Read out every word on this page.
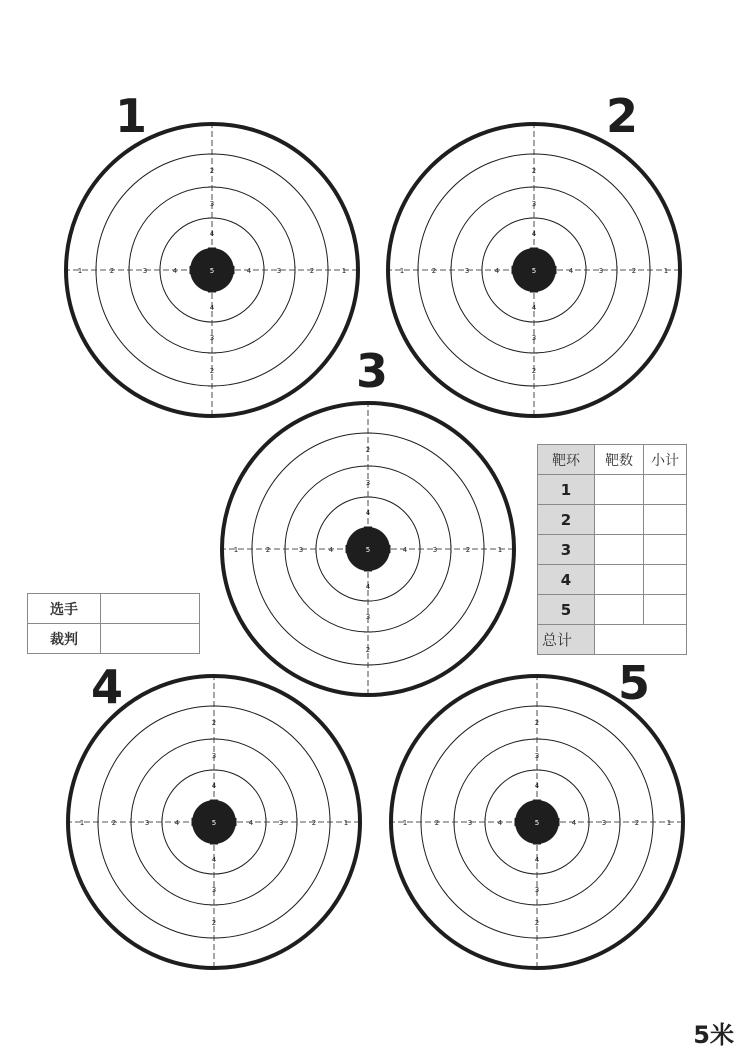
1	2
3
4	5
1	1
2	2
2
2
3	3
3
3
4	4
4
4
5	1	1
2	2
2
2
3	3
3
3
4	4
4
4
5
1	1
2	2
2
2
3	3
3
3
4	4
4
4
5
1	1
2	2
2
2
3	3
3
3
4	4
4
4
5	1	1
2	2
2
2
3	3
3
3
4	4
4
4
5
选手	
裁判	
靶环	靶数	小计
1		
2		
3		
4		
5		
总计		
5米
